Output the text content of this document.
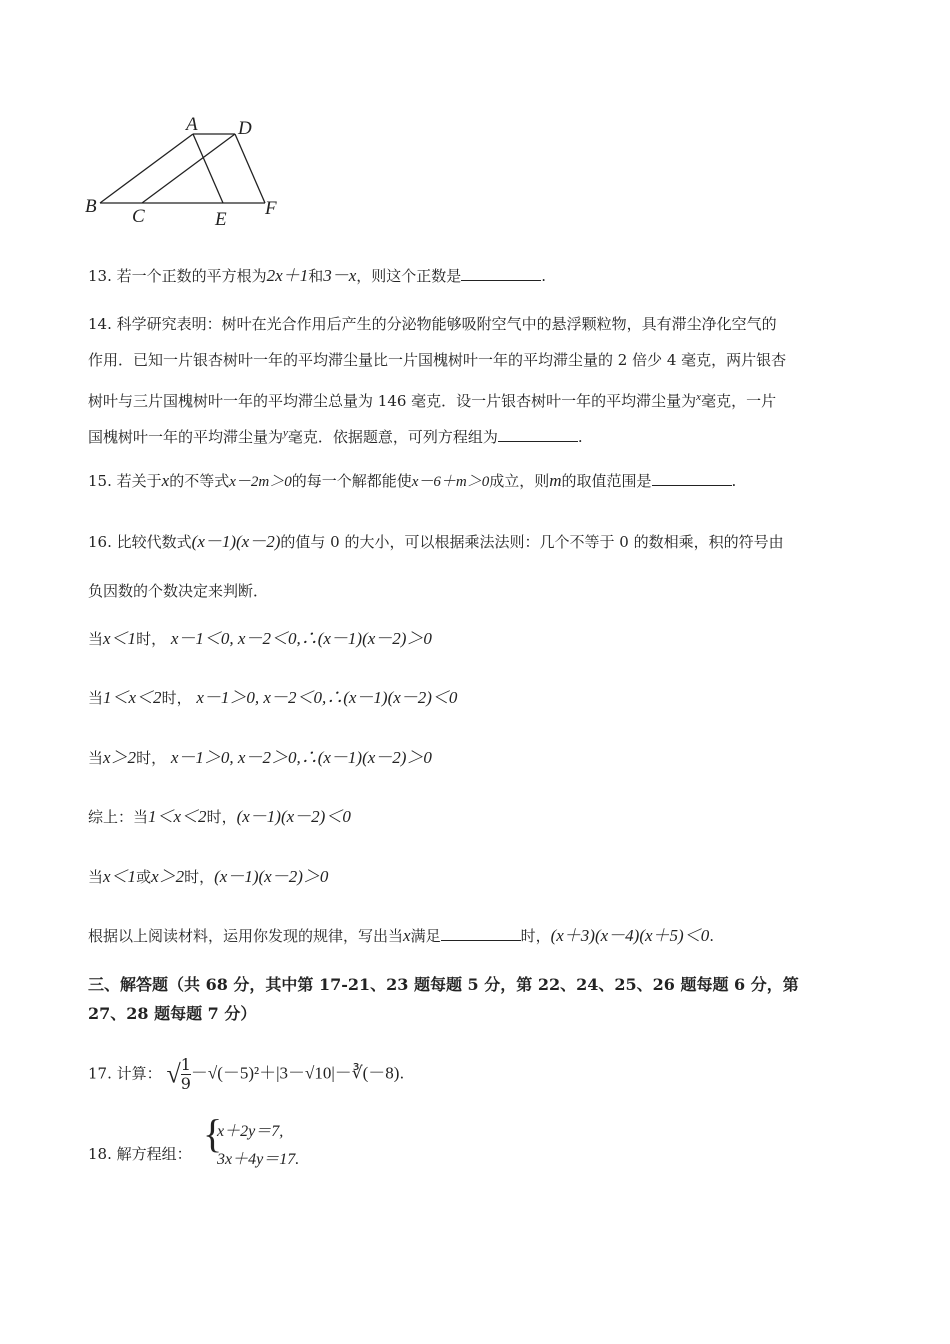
A D
B C	E
F
13. 若一个正数的平方根为2x＋1和3－x，则这个正数是	.
14. 科学研究表明：树叶在光合作用后产生的分泌物能够吸附空气中的悬浮颗粒物，具有滞尘净化空气的
作用．已知一片银杏树叶一年的平均滞尘量比一片国槐树叶一年的平均滞尘量的 2 倍少 4 毫克，两片银杏
树叶与三片国槐树叶一年的平均滞尘总量为 146 毫克．设一片银杏树叶一年的平均滞尘量为$^x$毫克，一片
国槐树叶一年的平均滞尘量为$^y$毫克．依据题意，可列方程组为	.
15. 若关于x的不等式x－2m＞0的每一个解都能使x－6＋m＞0成立，则m的取值范围是	.
16. 比较代数式(x－1)(x－2)的值与 0 的大小，可以根据乘法法则：几个不等于 0 的数相乘，积的符号由
负因数的个数决定来判断．
当x＜1时， x－1＜0, x－2＜0,∴(x－1)(x－2)＞0
当1＜x＜2时， x－1＞0, x－2＜0,∴(x－1)(x－2)＜0
当x＞2时， x－1＞0, x－2＞0,∴(x－1)(x－2)＞0
综上：当1＜x＜2时，(x－1)(x－2)＜0
当x＜1或x＞2时，(x－1)(x－2)＞0
根据以上阅读材料，运用你发现的规律，写出当x满足	时，(x＋3)(x－4)(x＋5)＜0.
三、解答题（共 68 分，其中第 17-21、23 题每题 5 分，第 22、24、25、26 题每题 6 分，第
27、28 题每题 7 分）
17. 计算： √ $\frac{1}{9}$ －√(－5)²＋|3－√10|－∛(－8).
18. 解方程组： {
x＋2y＝7,
3x＋4y＝17.
